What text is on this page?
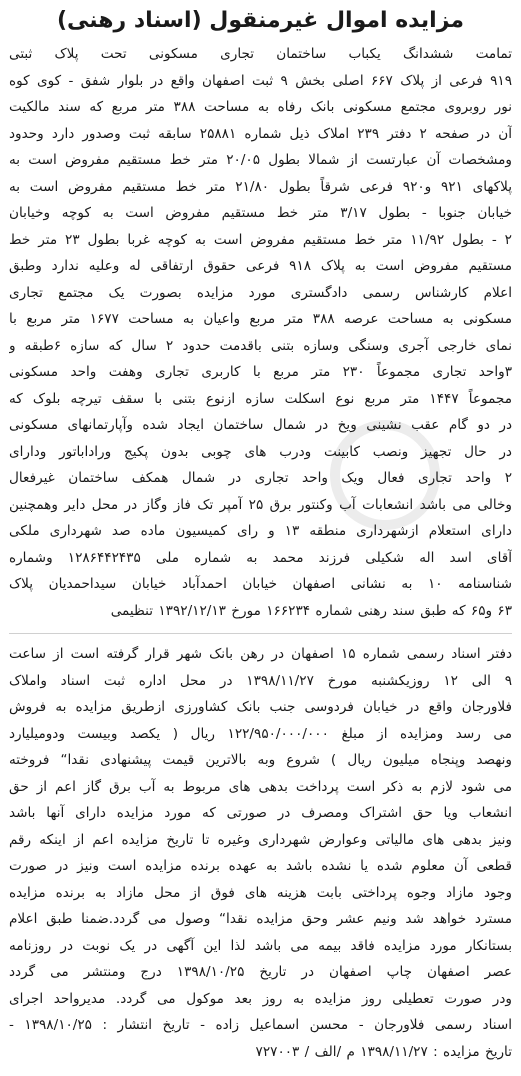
مزایده اموال غیرمنقول (اسناد رهنی)
تمامت ششدانگ یکباب ساختمان تجاری مسکونی تحت پلاک ثبتی
۹۱۹ فرعی از پلاک ۶۶۷ اصلی بخش ۹ ثبت اصفهان واقع در بلوار شفق - کوی کوه
نور روبروی مجتمع مسکونی بانک رفاه به مساحت ۳۸۸ متر مربع که سند مالکیت
آن در صفحه ۲ دفتر ۲۳۹ املاک ذیل شماره ۲۵۸۸۱ سابقه ثبت وصدور دارد وحدود
ومشخصات آن عبارتست از شمالا بطول ۲۰/۰۵ متر خط مستقیم مفروض است به
پلاکهای ۹۲۱ و۹۲۰ فرعی شرقاً بطول ۲۱/۸۰ متر خط مستقیم مفروض است به
خیابان جنوبا - بطول ۳/۱۷ متر خط مستقیم مفروض است به کوچه وخیابان
۲ - بطول ۱۱/۹۲ متر خط مستقیم مفروض است به کوچه غربا بطول ۲۳ متر خط
مستقیم مفروض است به پلاک ۹۱۸ فرعی حقوق ارتفاقی له وعلیه ندارد وطبق
اعلام کارشناس رسمی دادگستری مورد مزایده بصورت یک مجتمع تجاری
مسکونی به مساحت عرصه ۳۸۸ متر مربع واعیان به مساحت ۱۶۷۷ متر مربع با
نمای خارجی آجری وسنگی وسازه بتنی باقدمت حدود ۲ سال که سازه ۶طبقه و
۳واحد تجاری مجموعاً ۲۳۰ متر مربع با کاربری تجاری وهفت واحد مسکونی
مجموعاً ۱۴۴۷ متر مربع نوع اسکلت سازه ازنوع بتنی با سقف تیرچه بلوک که
در دو گام عقب نشینی ویخ در شمال ساختمان ایجاد شده وآپارتمانهای مسکونی
در حال تجهیز ونصب کابینت ودرب های چوبی بدون پکیج وراداباتور ودارای
۲ واحد تجاری فعال ویک واحد تجاری در شمال همکف ساختمان غیرفعال
وخالی می باشد انشعابات آب وکنتور برق ۲۵ آمپر تک فاز وگاز در محل دایر وهمچنین
دارای استعلام ازشهرداری منطقه ۱۳ و رای کمیسیون ماده صد شهرداری ملکی
آقای اسد اله شکیلی فرزند محمد به شماره ملی ۱۲۸۶۴۴۲۴۳۵ وشماره
شناسنامه ۱۰ به نشانی اصفهان خیابان احمدآباد خیابان سیداحمدیان پلاک
۶۳ و۶۵ که طبق سند رهنی شماره ۱۶۶۲۳۴ مورخ ۱۳۹۲/۱۲/۱۳ تنظیمی
دفتر اسناد رسمی شماره ۱۵ اصفهان در رهن بانک شهر قرار گرفته است از ساعت
۹ الی ۱۲ روزیکشنبه مورخ ۱۳۹۸/۱۱/۲۷ در محل اداره ثبت اسناد واملاک
فلاورجان واقع در خیابان فردوسی جنب بانک کشاورزی ازطریق مزایده به فروش
می رسد ومزایده از مبلغ ۱۲۲/۹۵۰/۰۰۰/۰۰۰ ریال ( یکصد وبیست ودومیلیارد
ونهصد وپنجاه میلیون ریال ) شروع وبه بالاترین قیمت پیشنهادی نقدا“ فروخته
می شود لازم به ذکر است پرداخت بدهی های مربوط به آب برق گاز اعم از حق
انشعاب ویا حق اشتراک ومصرف در صورتی که مورد مزایده دارای آنها باشد
ونیز بدهی های مالیاتی وعوارض شهرداری وغیره تا تاریخ مزایده اعم از اینکه رقم
قطعی آن معلوم شده یا نشده باشد به عهده برنده مزایده است ونیز در صورت
وجود مازاد وجوه پرداختی بابت هزینه های فوق از محل مازاد به برنده مزایده
مسترد خواهد شد ونیم عشر وحق مزایده نقدا“ وصول می گردد.ضمنا طبق اعلام
بستانکار مورد مزایده فاقد بیمه می باشد لذا این آگهی در یک نوبت در روزنامه
عصر اصفهان چاپ اصفهان در تاریخ ۱۳۹۸/۱۰/۲۵ درج ومنتشر می گردد
ودر صورت تعطیلی روز مزایده به روز بعد موکول می گردد. مدیرواحد اجرای
اسناد رسمی فلاورجان - محسن اسماعیل زاده - تاریخ انتشار : ۱۳۹۸/۱۰/۲۵ -
تاریخ مزایده : ۱۳۹۸/۱۱/۲۷ م /الف / ۷۲۷۰۰۳
